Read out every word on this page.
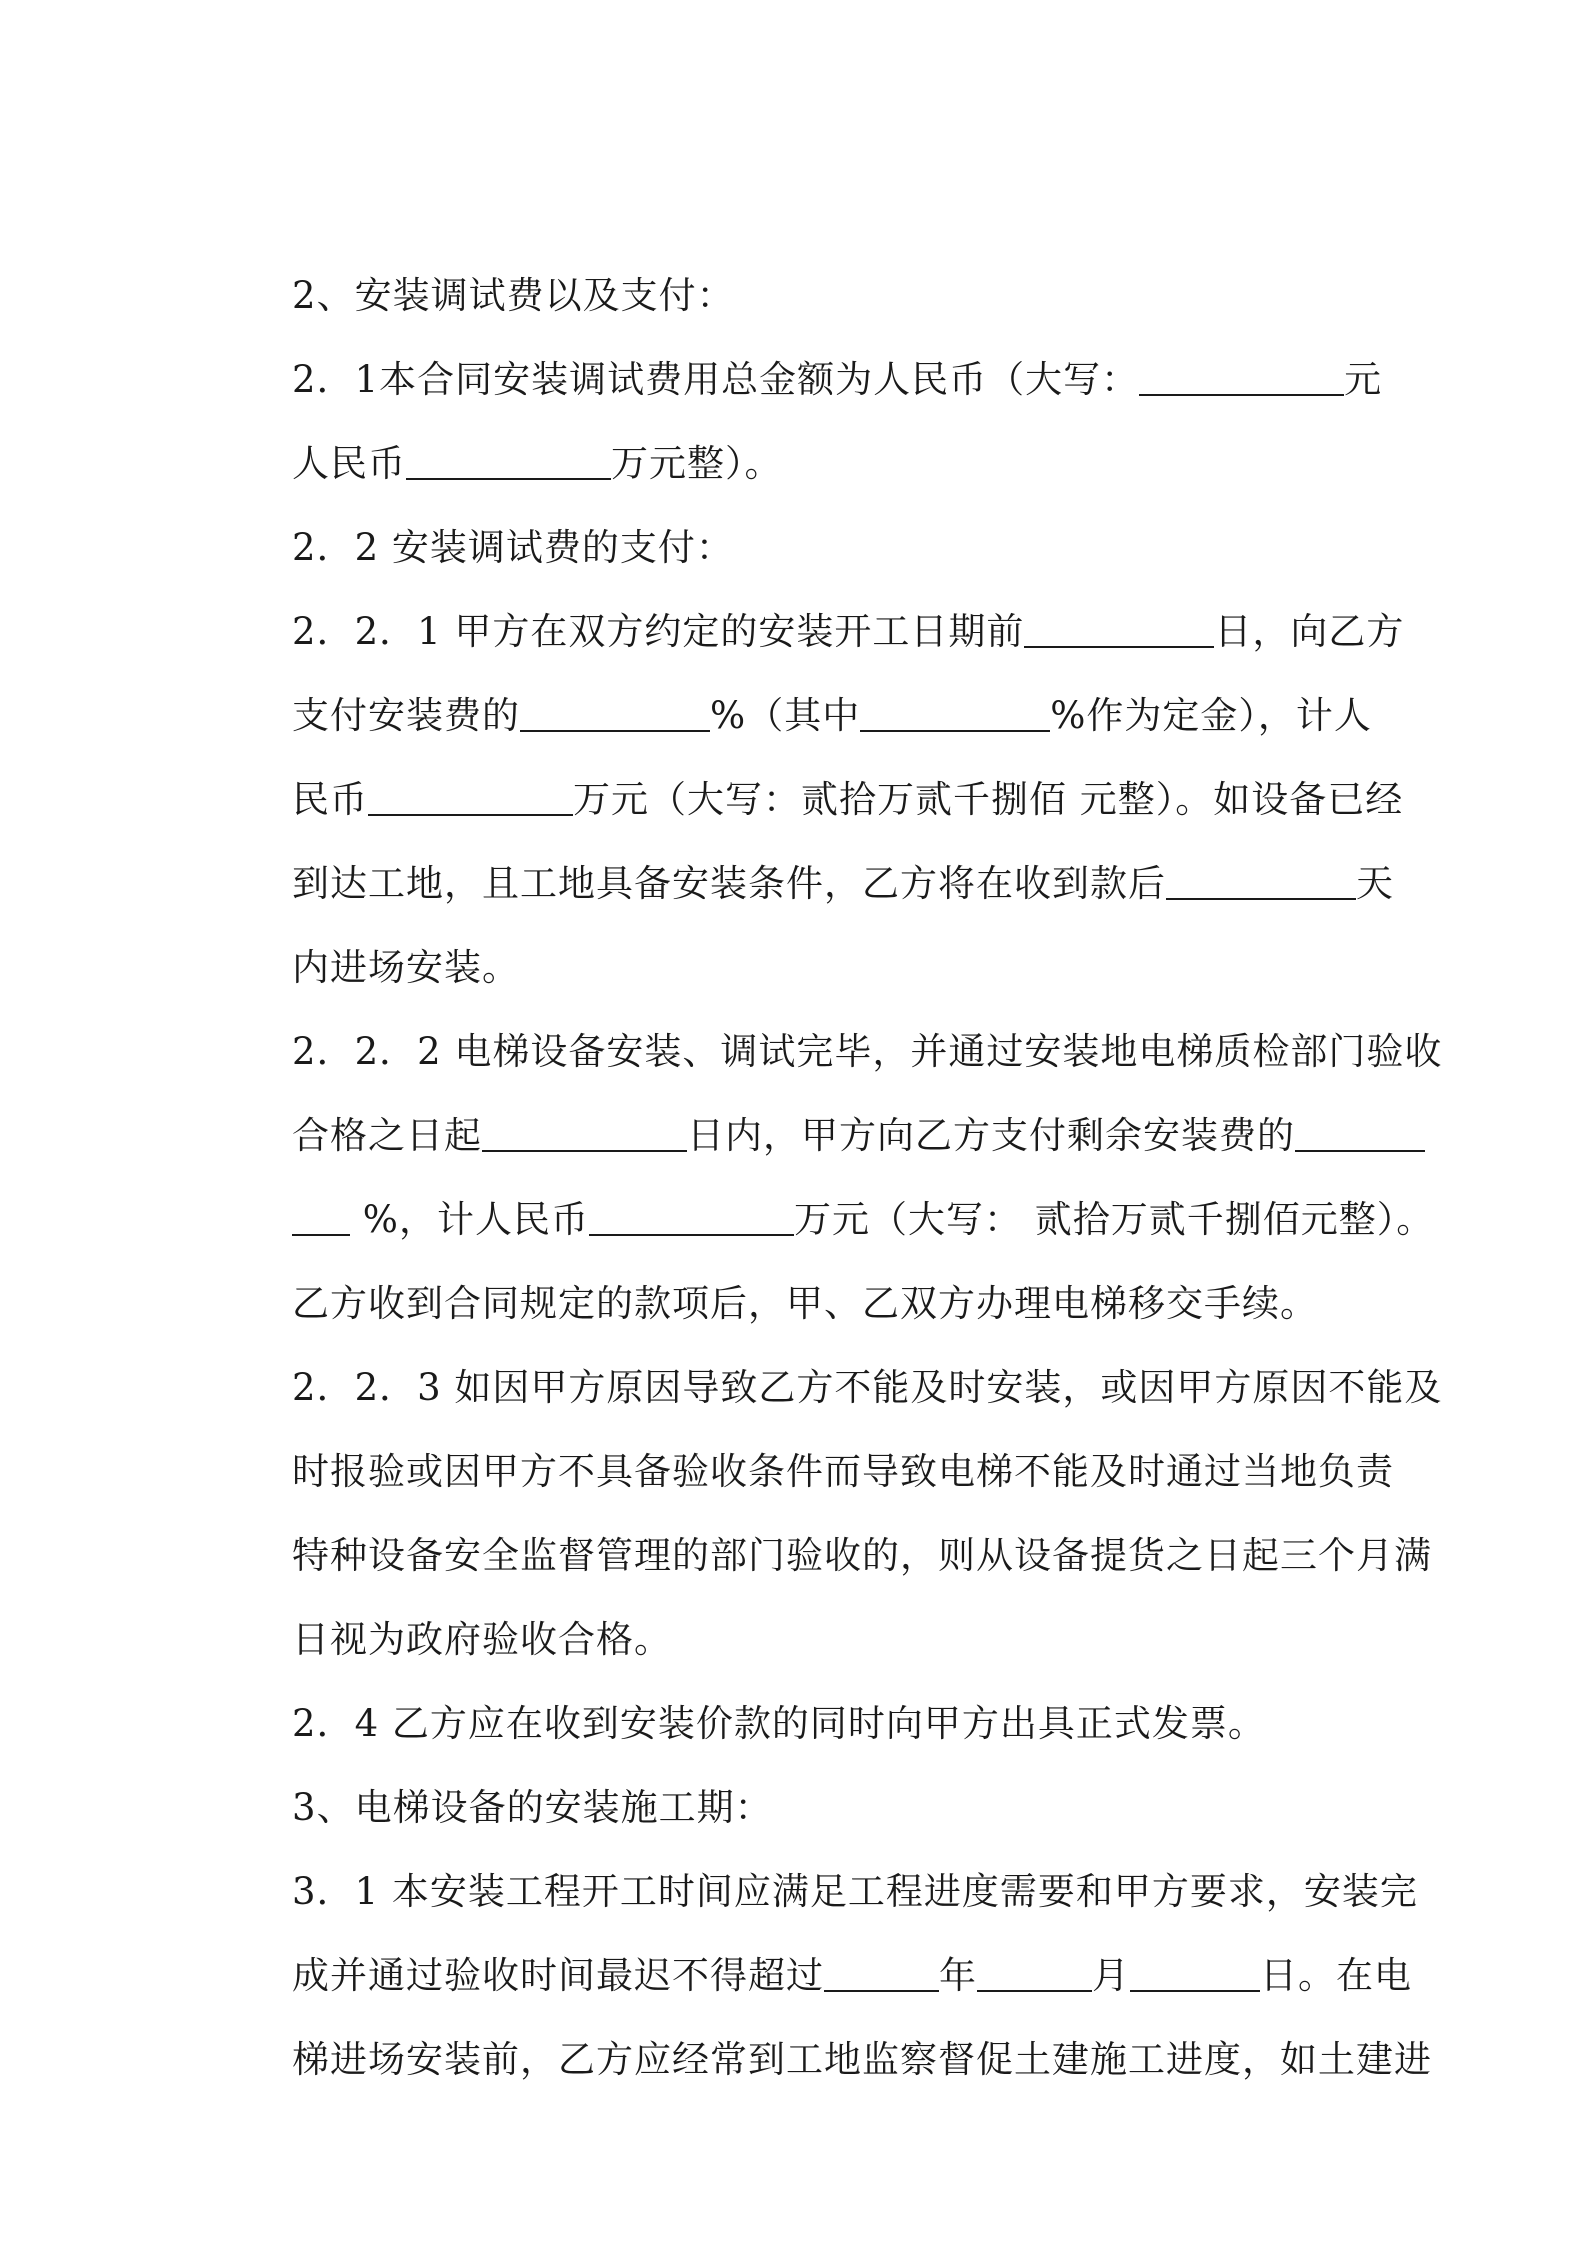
2、安装调试费以及支付：

2．1本合同安装调试费用总金额为人民币（大写：	元

人民币	万元整）。

2．2 安装调试费的支付：

2．2．1 甲方在双方约定的安装开工日期前	日，向乙方

支付安装费的	%（其中	%作为定金），计人

民币	万元（大写：贰拾万贰千捌佰 元整）。如设备已经

到达工地，且工地具备安装条件，乙方将在收到款后	天

内进场安装。

2．2．2 电梯设备安装、调试完毕，并通过安装地电梯质检部门验收

合格之日起	日内，甲方向乙方支付剩余安装费的

%，计人民币	万元（大写： 贰拾万贰千捌佰元整）。

乙方收到合同规定的款项后，甲、乙双方办理电梯移交手续。

2．2．3 如因甲方原因导致乙方不能及时安装，或因甲方原因不能及

时报验或因甲方不具备验收条件而导致电梯不能及时通过当地负责

特种设备安全监督管理的部门验收的，则从设备提货之日起三个月满

日视为政府验收合格。

2．4 乙方应在收到安装价款的同时向甲方出具正式发票。

3、电梯设备的安装施工期：

3．1 本安装工程开工时间应满足工程进度需要和甲方要求，安装完

成并通过验收时间最迟不得超过	年	月	日。在电

梯进场安装前，乙方应经常到工地监察督促土建施工进度，如土建进
